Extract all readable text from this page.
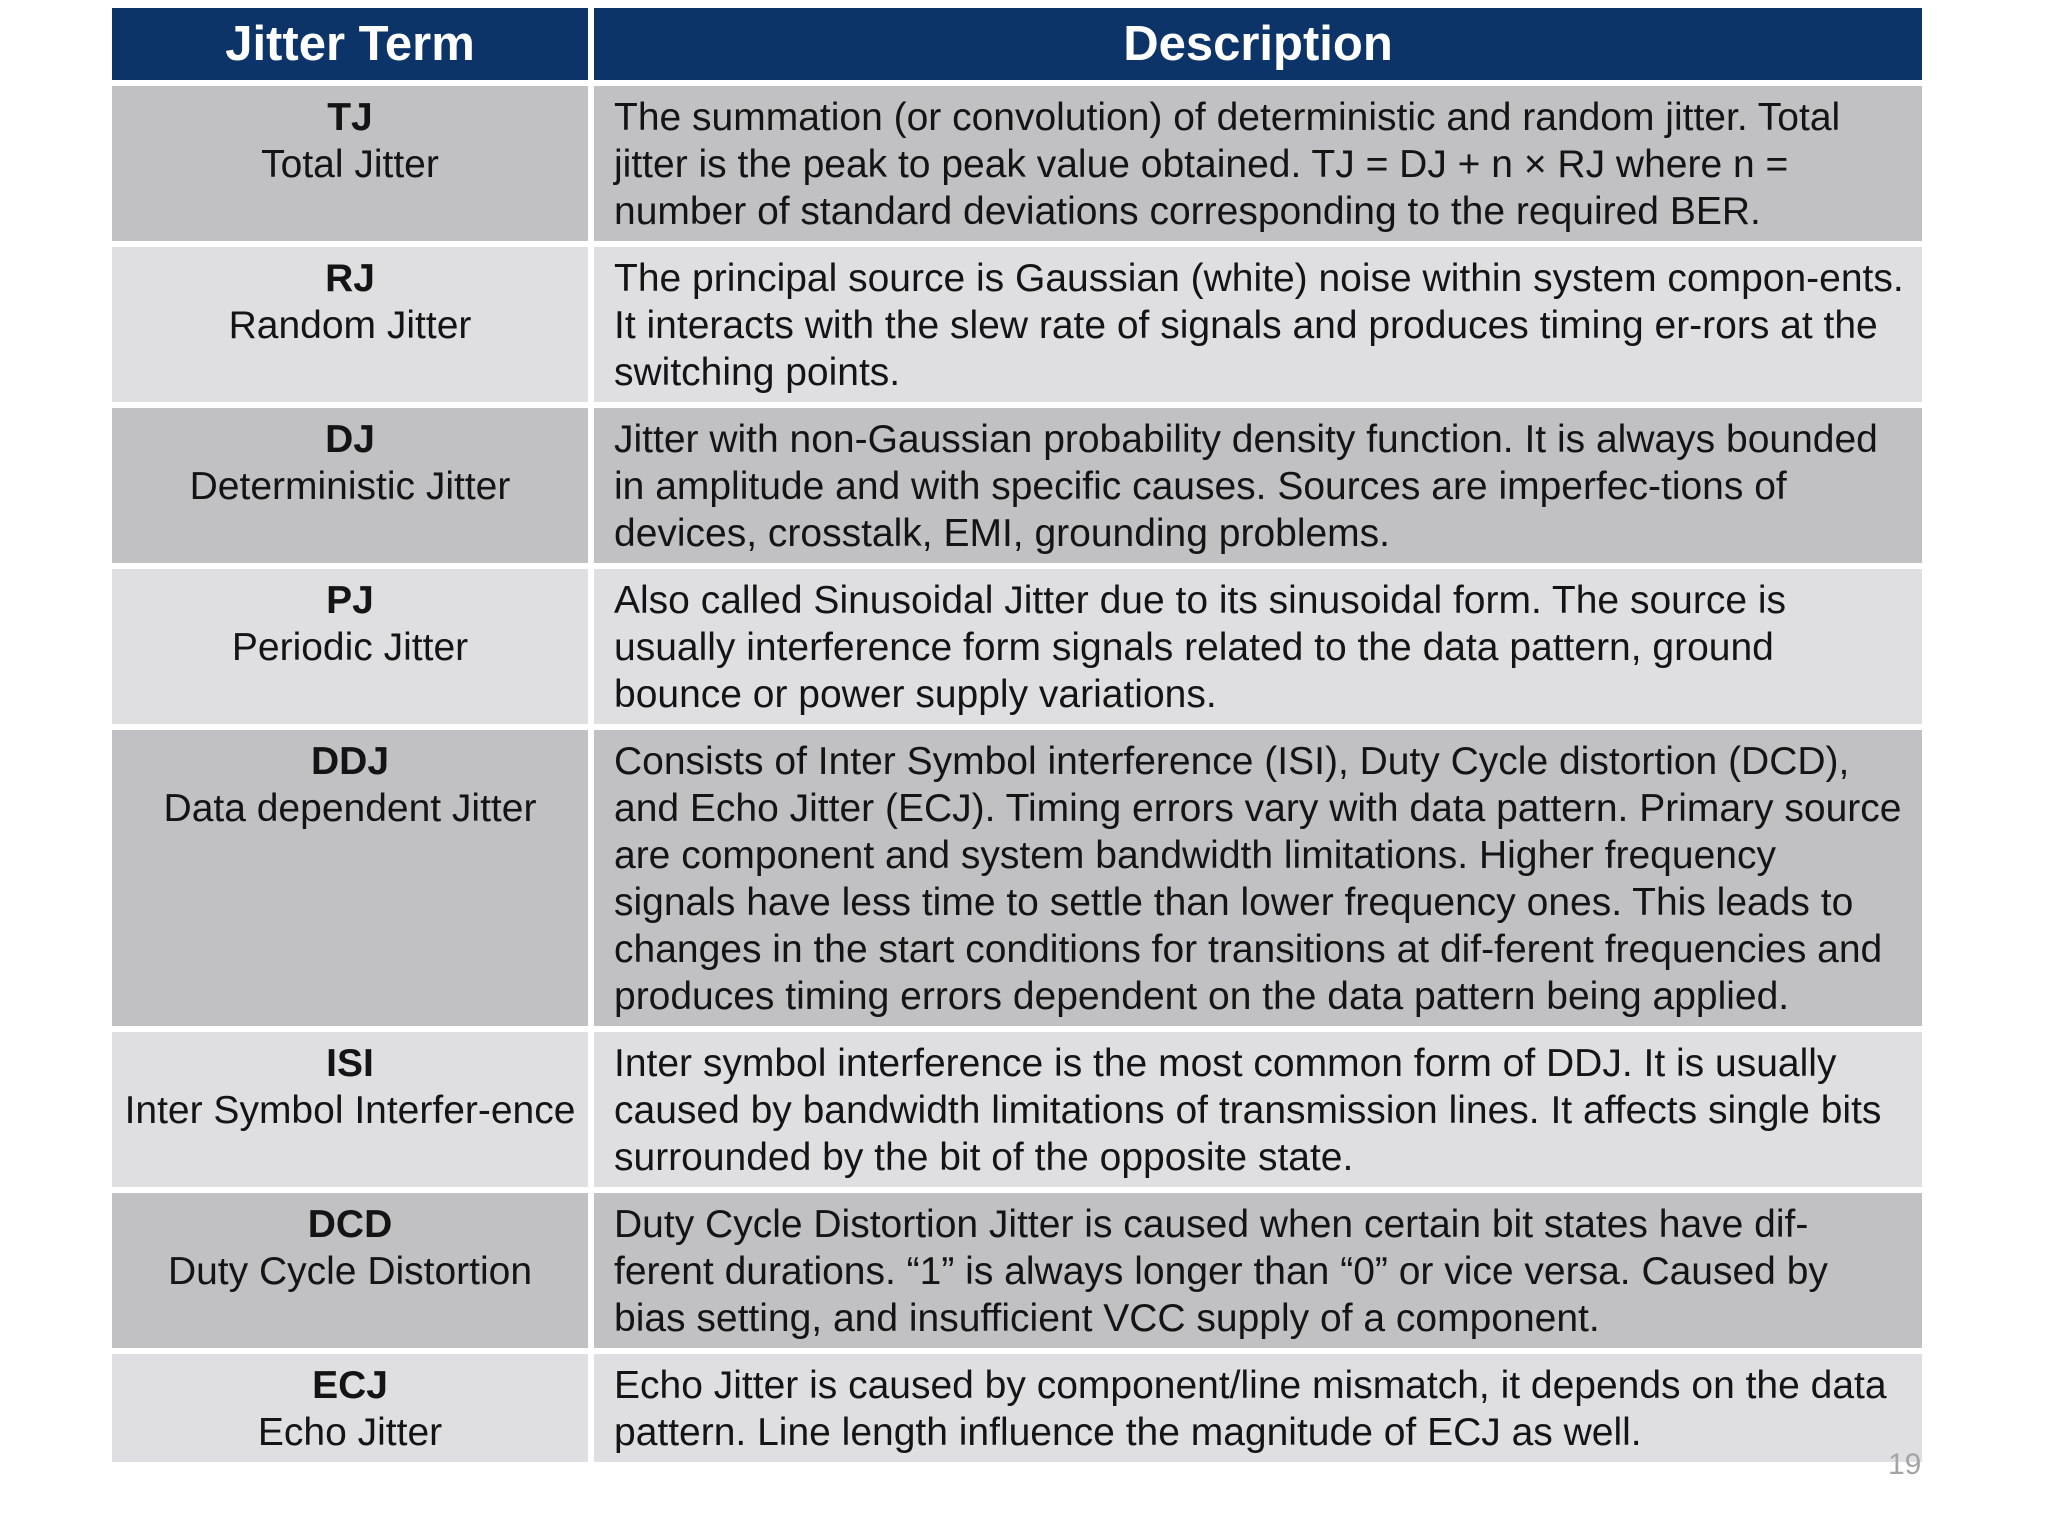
Jitter Term	Description

TJ
Total Jitter	The summation (or convolution) of deterministic and random jitter. Total jitter is the peak to peak value obtained. TJ = DJ + n × RJ where n = number of standard deviations corresponding to the required BER.

RJ
Random Jitter	The principal source is Gaussian (white) noise within system compon-ents. It interacts with the slew rate of signals and produces timing er-rors at the switching points.

DJ
Deterministic Jitter	Jitter with non-Gaussian probability density function. It is always bounded in amplitude and with specific causes. Sources are imperfec-tions of devices, crosstalk, EMI, grounding problems.

PJ
Periodic Jitter	Also called Sinusoidal Jitter due to its sinusoidal form. The source is usually interference form signals related to the data pattern, ground bounce or power supply variations.

DDJ
Data dependent Jitter	Consists of Inter Symbol interference (ISI), Duty Cycle distortion (DCD), and Echo Jitter (ECJ). Timing errors vary with data pattern. Primary source are component and system bandwidth limitations. Higher frequency signals have less time to settle than lower frequency ones. This leads to changes in the start conditions for transitions at dif-ferent frequencies and produces timing errors dependent on the data pattern being applied.

ISI
Inter Symbol Interfer-ence	Inter symbol interference is the most common form of DDJ. It is usually caused by bandwidth limitations of transmission lines. It affects single bits surrounded by the bit of the opposite state.

DCD
Duty Cycle Distortion	Duty Cycle Distortion Jitter is caused when certain bit states have dif-ferent durations. “1” is always longer than “0” or vice versa. Caused by bias setting, and insufficient VCC supply of a component.

ECJ
Echo Jitter	Echo Jitter is caused by component/line mismatch, it depends on the data pattern. Line length influence the magnitude of ECJ as well.
19
